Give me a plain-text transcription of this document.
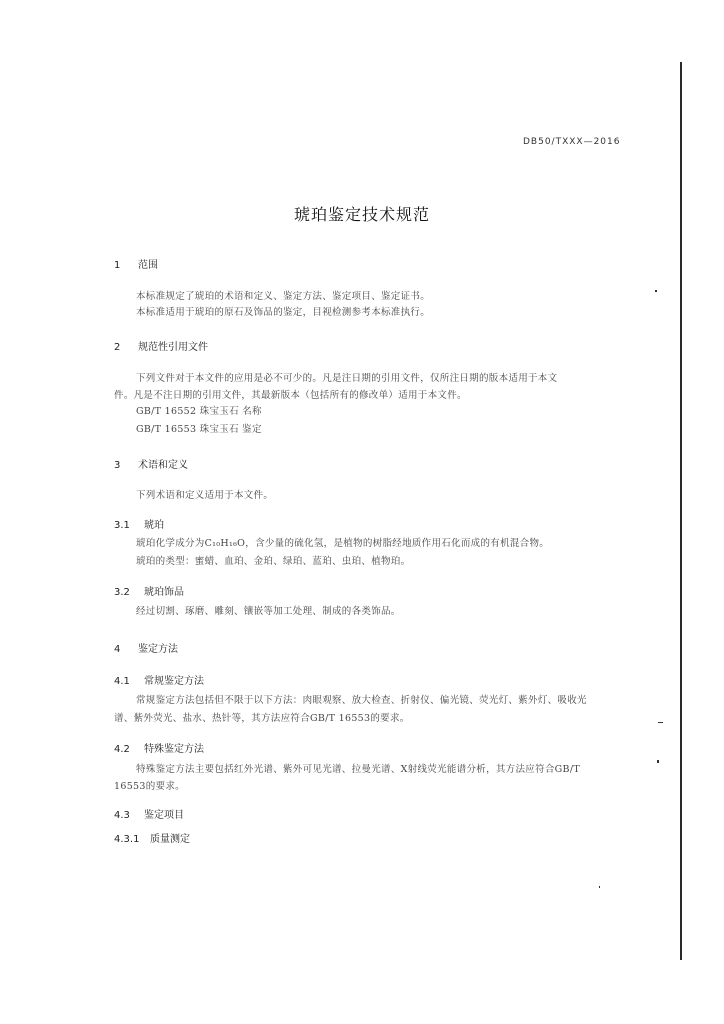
DB50/TXXX—2016
琥珀鉴定技术规范
1 范围
本标准规定了琥珀的术语和定义、鉴定方法、鉴定项目、鉴定证书。
本标准适用于琥珀的原石及饰品的鉴定，目视检测参考本标准执行。
2 规范性引用文件
下列文件对于本文件的应用是必不可少的。凡是注日期的引用文件，仅所注日期的版本适用于本文
件。凡是不注日期的引用文件，其最新版本（包括所有的修改单）适用于本文件。
GB/T 16552 珠宝玉石 名称
GB/T 16553 珠宝玉石 鉴定
3 术语和定义
下列术语和定义适用于本文件。
3.1 琥珀
琥珀化学成分为C₁₀H₁₆O，含少量的硫化氢，是植物的树脂经地质作用石化而成的有机混合物。
琥珀的类型：蜜蜡、血珀、金珀、绿珀、蓝珀、虫珀、植物珀。
3.2 琥珀饰品
经过切割、琢磨、雕刻、镶嵌等加工处理、制成的各类饰品。
4 鉴定方法
4.1 常规鉴定方法
常规鉴定方法包括但不限于以下方法：肉眼观察、放大检查、折射仪、偏光镜、荧光灯、紫外灯、吸收光
谱、紫外荧光、盐水、热针等，其方法应符合GB/T 16553的要求。
4.2 特殊鉴定方法
特殊鉴定方法主要包括红外光谱、紫外可见光谱、拉曼光谱、X射线荧光能谱分析，其方法应符合GB/T
16553的要求。
4.3 鉴定项目
4.3.1 质量测定
